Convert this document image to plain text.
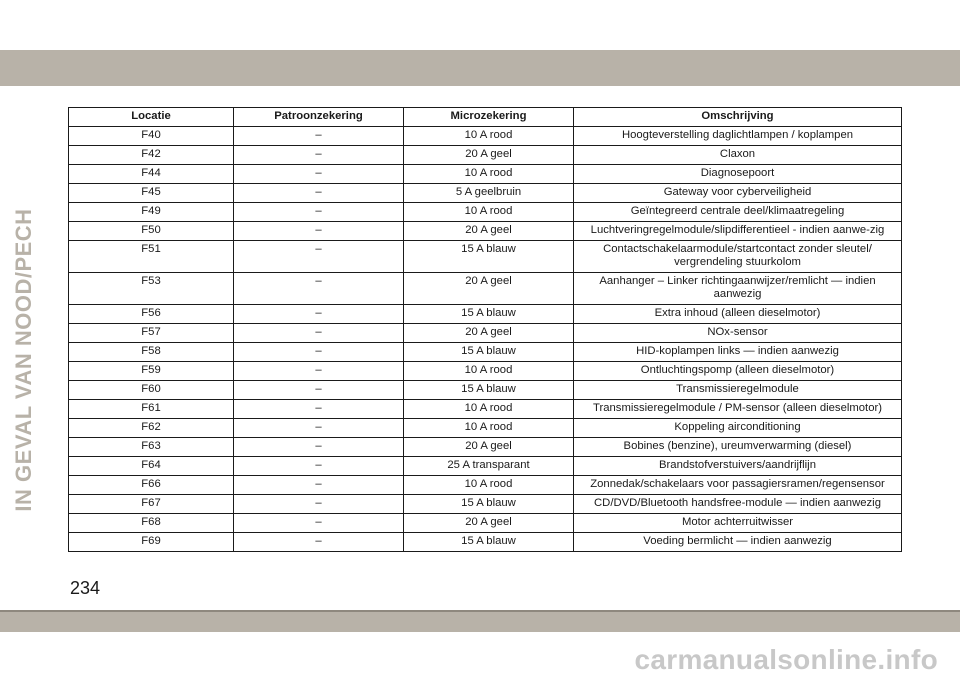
IN GEVAL VAN NOOD/PECH
Locatie	Patroonzekering	Microzekering	Omschrijving
F40	–	10 A rood	Hoogteverstelling daglichtlampen / koplampen
F42	–	20 A geel	Claxon
F44	–	10 A rood	Diagnosepoort
F45	–	5 A geelbruin	Gateway voor cyberveiligheid
F49	–	10 A rood	Geïntegreerd centrale deel/klimaatregeling
F50	–	20 A geel	Luchtveringregelmodule/slipdifferentieel - indien aanwe-zig
F51	–	15 A blauw	Contactschakelaarmodule/startcontact zonder sleutel/ vergrendeling stuurkolom
F53	–	20 A geel	Aanhanger – Linker richtingaanwijzer/remlicht — indien aanwezig
F56	–	15 A blauw	Extra inhoud (alleen dieselmotor)
F57	–	20 A geel	NOx-sensor
F58	–	15 A blauw	HID-koplampen links — indien aanwezig
F59	–	10 A rood	Ontluchtingspomp (alleen dieselmotor)
F60	–	15 A blauw	Transmissieregelmodule
F61	–	10 A rood	Transmissieregelmodule / PM-sensor (alleen dieselmotor)
F62	–	10 A rood	Koppeling airconditioning
F63	–	20 A geel	Bobines (benzine), ureumverwarming (diesel)
F64	–	25 A transparant	Brandstofverstuivers/aandrijflijn
F66	–	10 A rood	Zonnedak/schakelaars voor passagiersramen/regensensor
F67	–	15 A blauw	CD/DVD/Bluetooth handsfree-module — indien aanwezig
F68	–	20 A geel	Motor achterruitwisser
F69	–	15 A blauw	Voeding bermlicht — indien aanwezig
234
carmanualsonline.info
